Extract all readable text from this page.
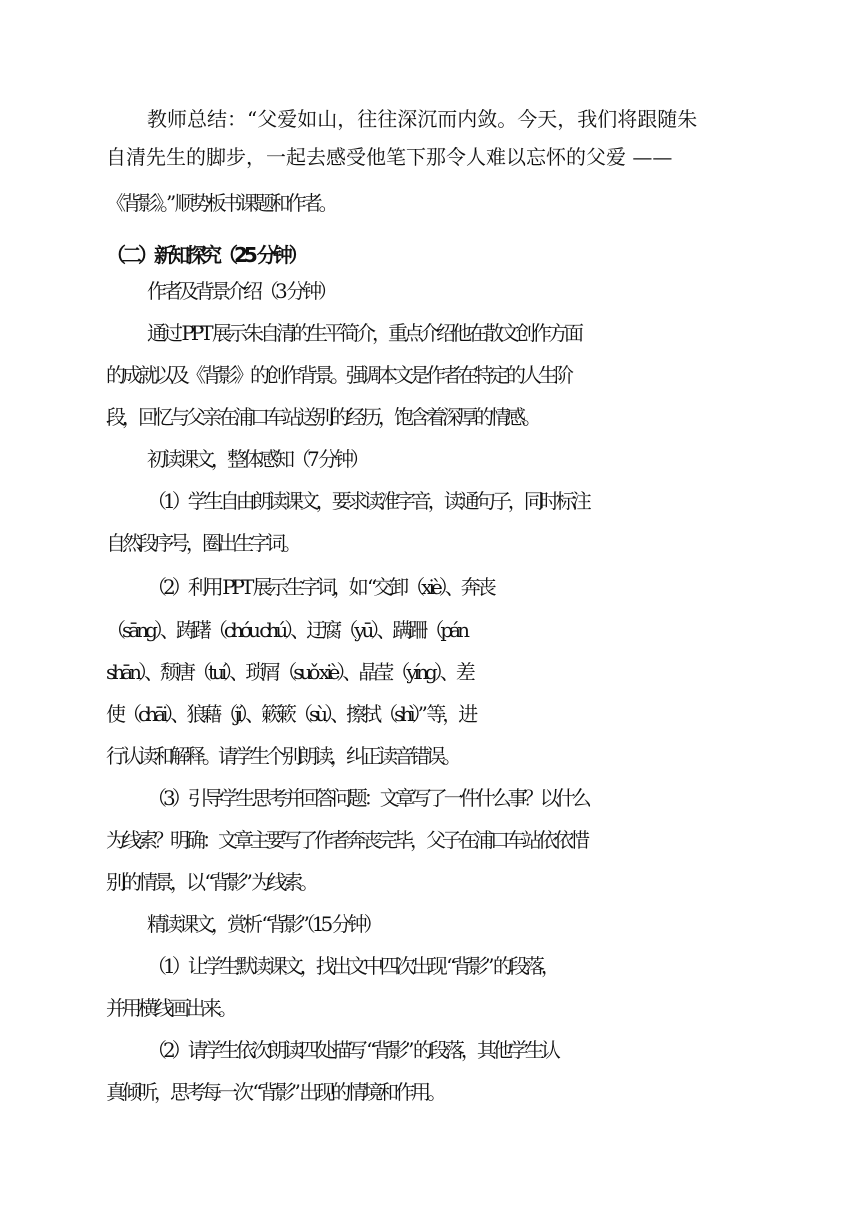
教师总结：“父爱如山，往往深沉而内敛。今天，我们将跟随朱
自清先生的脚步，一起去感受他笔下那令人难以忘怀的父爱 ——
《背影》。” 顺势板书课题和作者。
（二）新知探究（25 分钟）
作者及背景介绍（3 分钟）
通过 PPT 展示朱自清的生平简介，重点介绍他在散文创作方面
的成就以及《背影》的创作背景。强调本文是作者在特定的人生阶
段，回忆与父亲在浦口车站送别的经历，饱含着深厚的情感。
初读课文，整体感知（7 分钟）
（1）学生自由朗读课文，要求读准字音，读通句子，同时标注
自然段序号，圈出生字词。
（2）利用 PPT 展示生字词，如 “交卸（xiè）、奔丧
（sāng）、踌躇（chóu chú）、迂腐（yū）、蹒跚（pán
shān）、颓唐（tuí）、琐屑（suǒ xiè）、晶莹（yíng）、差
使（chāi）、狼藉（jí）、簌簌（sù）、擦拭（shì）” 等，进
行认读和解释。请学生个别朗读，纠正读音错误。
（3）引导学生思考并回答问题：文章写了一件什么事？以什么
为线索？明确：文章主要写了作者奔丧完毕，父子在浦口车站依依惜
别的情景，以 “背影” 为线索。
精读课文，赏析 “背影”（15 分钟）
（1）让学生默读课文，找出文中四次出现 “背影” 的段落，
并用横线画出来。
（2）请学生依次朗读四处描写 “背影” 的段落，其他学生认
真倾听，思考每一次 “背影” 出现的情境和作用。
